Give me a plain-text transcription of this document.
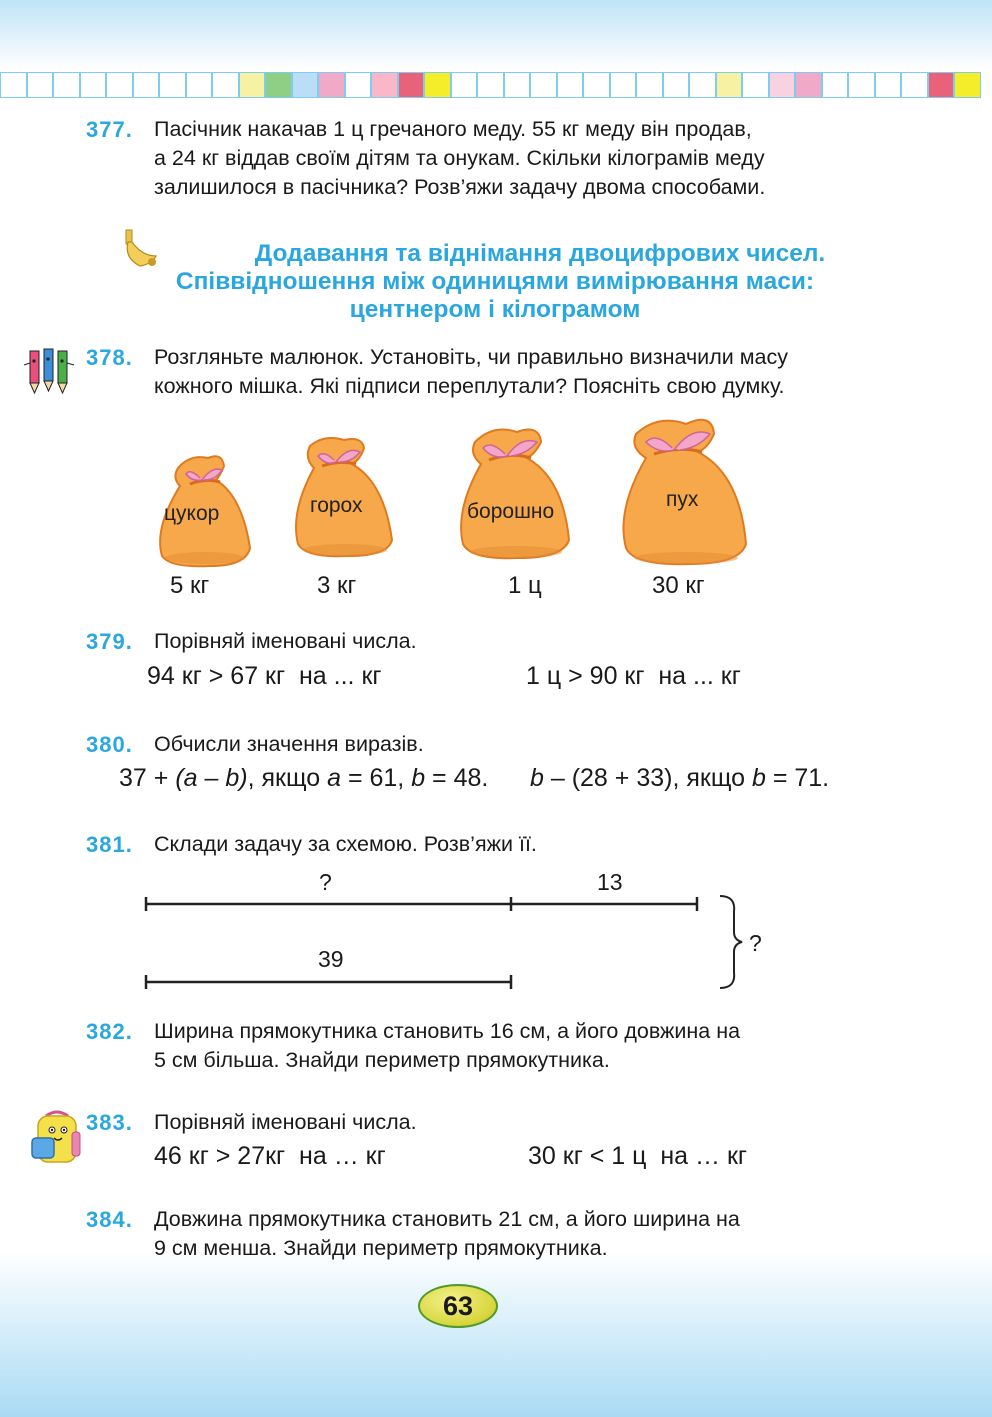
377. Пасічник накачав 1 ц гречаного меду. 55 кг меду він продав,
а 24 кг віддав своїм дітям та онукам. Скільки кілограмів меду
залишилося в пасічника? Розв’яжи задачу двома способами.
Додавання та віднімання двоцифрових чисел.
Співвідношення між одиницями вимірювання маси:
центнером і кілограмом
378. Розгляньте малюнок. Установіть, чи правильно визначили масу
кожного мішка. Які підписи переплутали? Поясніть свою думку.
цукор	горох	борошно
пух
5 кг	3 кг	1 ц	30 кг
379. Порівняй іменовані числа.
94 кг > 67 кг  на ... кг	1 ц > 90 кг  на ... кг
380. Обчисли значення виразів.
37 + (a – b), якщо a = 61, b = 48. b – (28 + 33), якщо b = 71.
381. Склади задачу за схемою. Розв’яжи її.
?	13
39
?
382. Ширина прямокутника становить 16 см, а його довжина на
5 см більша. Знайди периметр прямокутника.
383. Порівняй іменовані числа.
46 кг > 27кг  на … кг	30 кг < 1 ц  на … кг
384. Довжина прямокутника становить 21 см, а його ширина на
9 см менша. Знайди периметр прямокутника.
63
